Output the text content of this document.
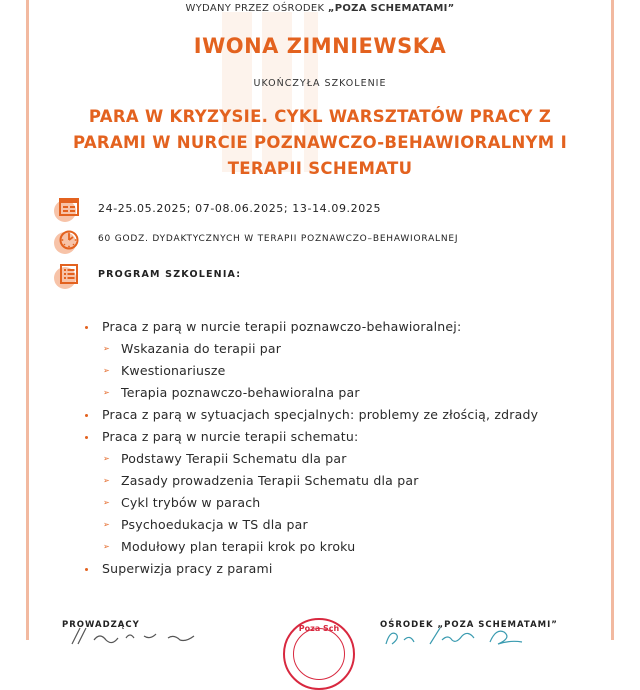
WYDANY PRZEZ OŚRODEK „POZA SCHEMATAMI”
IWONA ZIMNIEWSKA
UKOŃCZYŁA SZKOLENIE
PARA W KRYZYSIE. CYKL WARSZTATÓW PRACY Z PARAMI W NURCIE POZNAWCZO-BEHAWIORALNYM I TERAPII SCHEMATU
24-25.05.2025; 07-08.06.2025; 13-14.09.2025
60 GODZ. DYDAKTYCZNYCH W TERAPII POZNAWCZO–BEHAWIORALNEJ
PROGRAM SZKOLENIA:
Praca z parą w nurcie terapii poznawczo-behawioralnej:
➢ Wskazania do terapii par
➢ Kwestionariusze
➢ Terapia poznawczo-behawioralna par
Praca z parą w sytuacjach specjalnych: problemy ze złością, zdrady
Praca z parą w nurcie terapii schematu:
➢ Podstawy Terapii Schematu dla par
➢ Zasady prowadzenia Terapii Schematu dla par
➢ Cykl trybów w parach
➢ Psychoedukacja w TS dla par
➢ Modułowy plan terapii krok po kroku
Superwizja pracy z parami
PROWADZĄCY	Poza Sch	OŚRODEK „POZA SCHEMATAMI”
